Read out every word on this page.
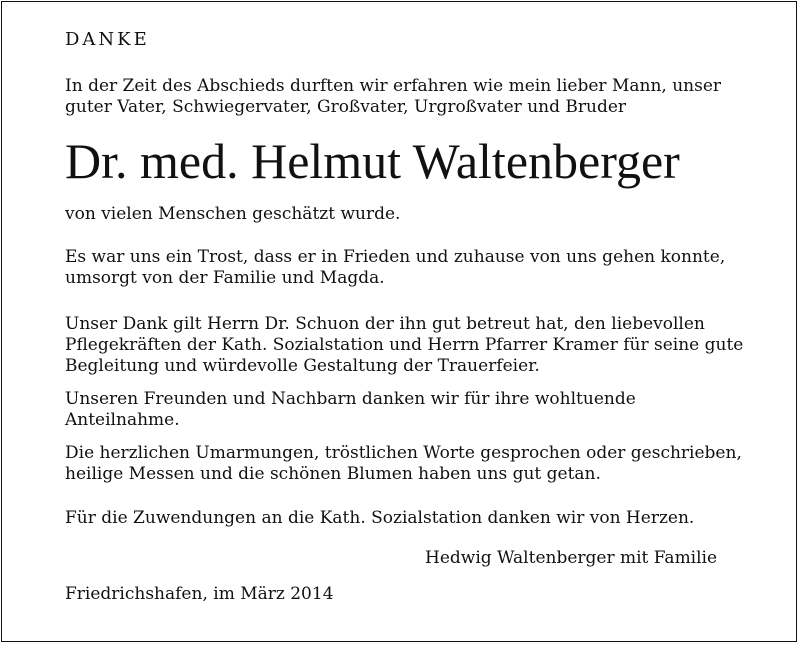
DANKE

In der Zeit des Abschieds durften wir erfahren wie mein lieber Mann, unser
guter Vater, Schwiegervater, Großvater, Urgroßvater und Bruder

Dr. med. Helmut Waltenberger

von vielen Menschen geschätzt wurde.

Es war uns ein Trost, dass er in Frieden und zuhause von uns gehen konnte,
umsorgt von der Familie und Magda.

Unser Dank gilt Herrn Dr. Schuon der ihn gut betreut hat, den liebevollen
Pflegekräften der Kath. Sozialstation und Herrn Pfarrer Kramer für seine gute
Begleitung und würdevolle Gestaltung der Trauerfeier.

Unseren Freunden und Nachbarn danken wir für ihre wohltuende
Anteilnahme.

Die herzlichen Umarmungen, tröstlichen Worte gesprochen oder geschrieben,
heilige Messen und die schönen Blumen haben uns gut getan.

Für die Zuwendungen an die Kath. Sozialstation danken wir von Herzen.

Hedwig Waltenberger mit Familie
Friedrichshafen, im März 2014
